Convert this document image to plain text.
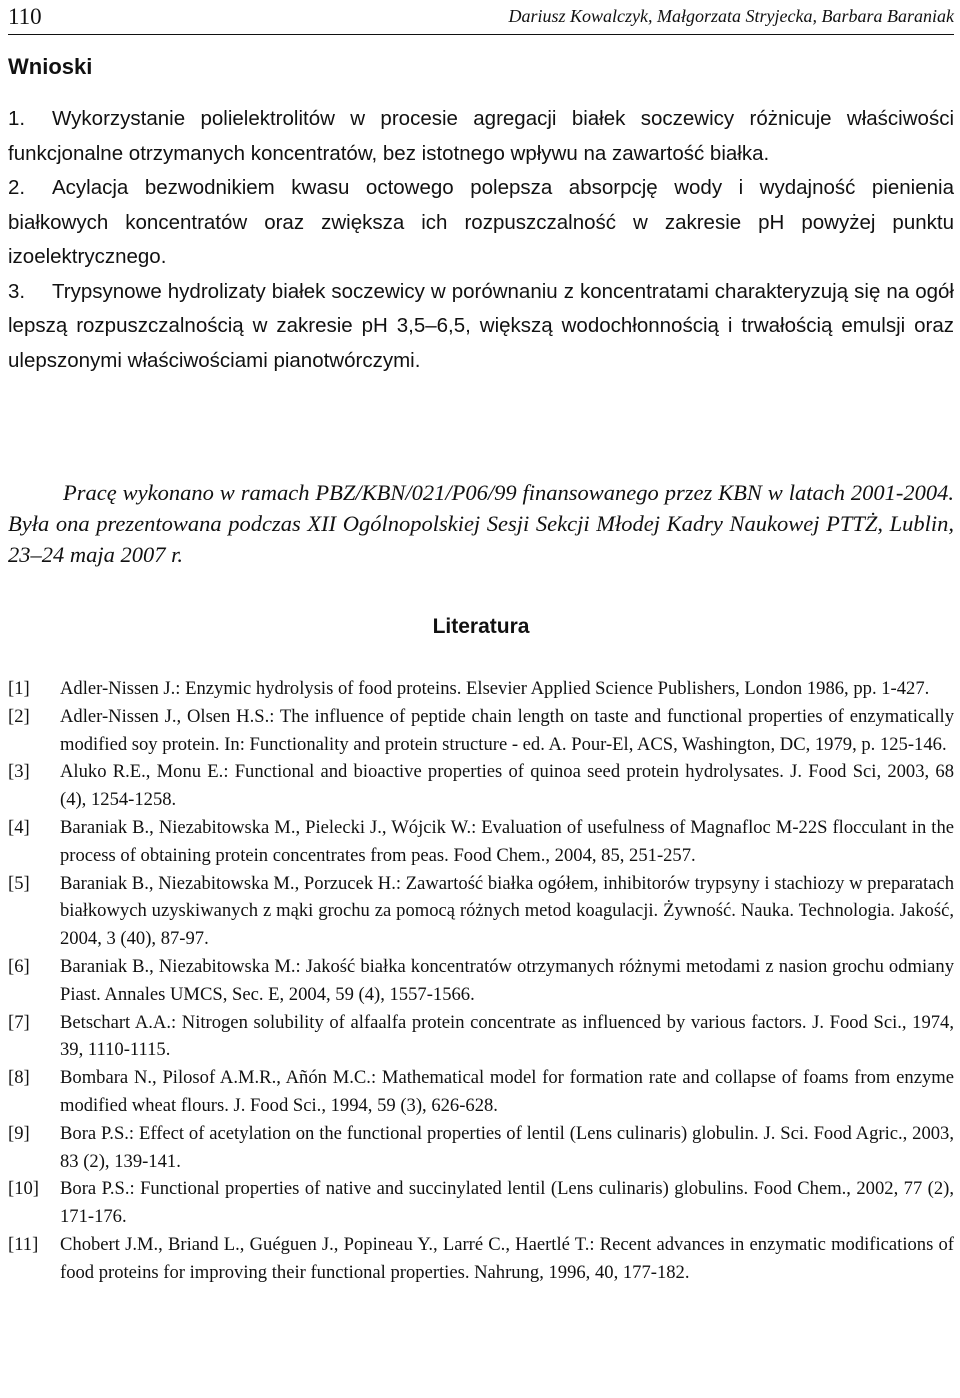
110	Dariusz Kowalczyk, Małgorzata Stryjecka, Barbara Baraniak
Wnioski
1.	Wykorzystanie polielektrolitów w procesie agregacji białek soczewicy różnicuje właściwości funkcjonalne otrzymanych koncentratów, bez istotnego wpływu na zawartość białka.
2.	Acylacja bezwodnikiem kwasu octowego polepsza absorpcję wody i wydajność pienienia białkowych koncentratów oraz zwiększa ich rozpuszczalność w zakresie pH powyżej punktu izoelektrycznego.
3.	Trypsynowe hydrolizaty białek soczewicy w porównaniu z koncentratami charakteryzują się na ogół lepszą rozpuszczalnością w zakresie pH 3,5–6,5, większą wodochłonnością i trwałością emulsji oraz ulepszonymi właściwościami pianotwórczymi.
Pracę wykonano w ramach PBZ/KBN/021/P06/99 finansowanego przez KBN w latach 2001-2004. Była ona prezentowana podczas XII Ogólnopolskiej Sesji Sekcji Młodej Kadry Naukowej PTTŻ, Lublin, 23–24 maja 2007 r.
Literatura
[1] Adler-Nissen J.: Enzymic hydrolysis of food proteins. Elsevier Applied Science Publishers, London 1986, pp. 1-427.
[2] Adler-Nissen J., Olsen H.S.: The influence of peptide chain length on taste and functional properties of enzymatically modified soy protein. In: Functionality and protein structure - ed. A. Pour-El, ACS, Washington, DC, 1979, p. 125-146.
[3] Aluko R.E., Monu E.: Functional and bioactive properties of quinoa seed protein hydrolysates. J. Food Sci, 2003, 68 (4), 1254-1258.
[4] Baraniak B., Niezabitowska M., Pielecki J., Wójcik W.: Evaluation of usefulness of Magnafloc M-22S flocculant in the process of obtaining protein concentrates from peas. Food Chem., 2004, 85, 251-257.
[5] Baraniak B., Niezabitowska M., Porzucek H.: Zawartość białka ogółem, inhibitorów trypsyny i stachiozy w preparatach białkowych uzyskiwanych z mąki grochu za pomocą różnych metod koagulacji. Żywność. Nauka. Technologia. Jakość, 2004, 3 (40), 87-97.
[6] Baraniak B., Niezabitowska M.: Jakość białka koncentratów otrzymanych różnymi metodami z nasion grochu odmiany Piast. Annales UMCS, Sec. E, 2004, 59 (4), 1557-1566.
[7] Betschart A.A.: Nitrogen solubility of alfaalfa protein concentrate as influenced by various factors. J. Food Sci., 1974, 39, 1110-1115.
[8] Bombara N., Pilosof A.M.R., Añón M.C.: Mathematical model for formation rate and collapse of foams from enzyme modified wheat flours. J. Food Sci., 1994, 59 (3), 626-628.
[9] Bora P.S.: Effect of acetylation on the functional properties of lentil (Lens culinaris) globulin. J. Sci. Food Agric., 2003, 83 (2), 139-141.
[10] Bora P.S.: Functional properties of native and succinylated lentil (Lens culinaris) globulins. Food Chem., 2002, 77 (2), 171-176.
[11] Chobert J.M., Briand L., Guéguen J., Popineau Y., Larré C., Haertlé T.: Recent advances in enzymatic modifications of food proteins for improving their functional properties. Nahrung, 1996, 40, 177-182.
